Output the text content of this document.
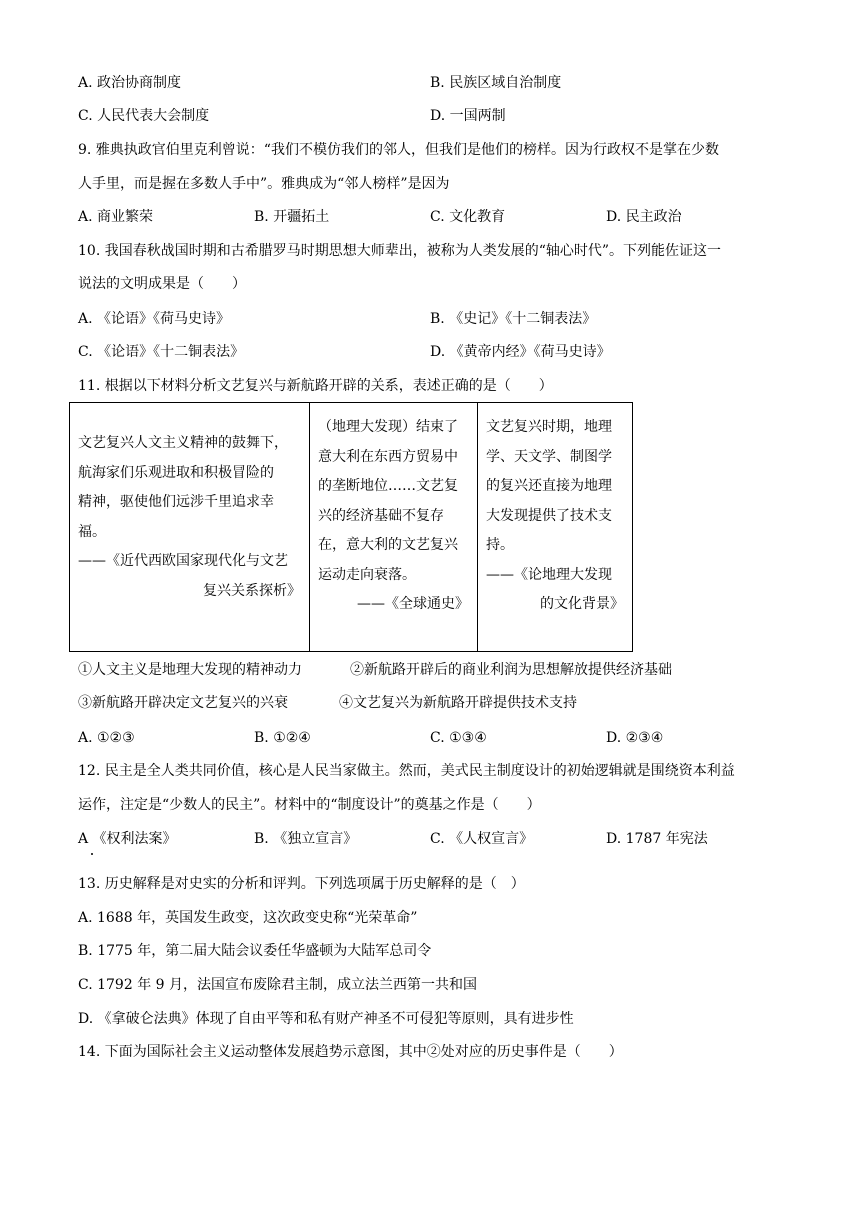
A. 政治协商制度	B. 民族区域自治制度
C. 人民代表大会制度	D. 一国两制
9. 雅典执政官伯里克利曾说：“我们不模仿我们的邻人，但我们是他们的榜样。因为行政权不是掌在少数
人手里，而是握在多数人手中”。雅典成为“邻人榜样”是因为
A. 商业繁荣	B. 开疆拓土	C. 文化教育	D. 民主政治
10. 我国春秋战国时期和古希腊罗马时期思想大师辈出，被称为人类发展的“轴心时代”。下列能佐证这一
说法的文明成果是（　　）
A. 《论语》《荷马史诗》	B. 《史记》《十二铜表法》
C. 《论语》《十二铜表法》	D. 《黄帝内经》《荷马史诗》
11. 根据以下材料分析文艺复兴与新航路开辟的关系，表述正确的是（　　）
文艺复兴人文主义精神的鼓舞下，
航海家们乐观进取和积极冒险的
精神，驱使他们远涉千里追求幸
福。
——《近代西欧国家现代化与文艺
复兴关系探析》

（地理大发现）结束了
意大利在东西方贸易中
的垄断地位……文艺复
兴的经济基础不复存
在，意大利的文艺复兴
运动走向衰落。
——《全球通史》

文艺复兴时期，地理
学、天文学、制图学
的复兴还直接为地理
大发现提供了技术支
持。
——《论地理大发现
的文化背景》
①人文主义是地理大发现的精神动力	②新航路开辟后的商业利润为思想解放提供经济基础
③新航路开辟决定文艺复兴的兴衰	④文艺复兴为新航路开辟提供技术支持
A. ①②③	B. ①②④	C. ①③④	D. ②③④
12. 民主是全人类共同价值，核心是人民当家做主。然而，美式民主制度设计的初始逻辑就是围绕资本利益
运作，注定是“少数人的民主”。材料中的“制度设计”的奠基之作是（　　）
A 《权利法案》	B. 《独立宣言》	C. 《人权宣言》	D. 1787 年宪法
13. 历史解释是对史实的分析和评判。下列选项属于历史解释的是（　）
A. 1688 年，英国发生政变，这次政变史称“光荣革命”
B. 1775 年，第二届大陆会议委任华盛顿为大陆军总司令
C. 1792 年 9 月，法国宣布废除君主制，成立法兰西第一共和国
D. 《拿破仑法典》体现了自由平等和私有财产神圣不可侵犯等原则，具有进步性
14. 下面为国际社会主义运动整体发展趋势示意图，其中②处对应的历史事件是（　　）
